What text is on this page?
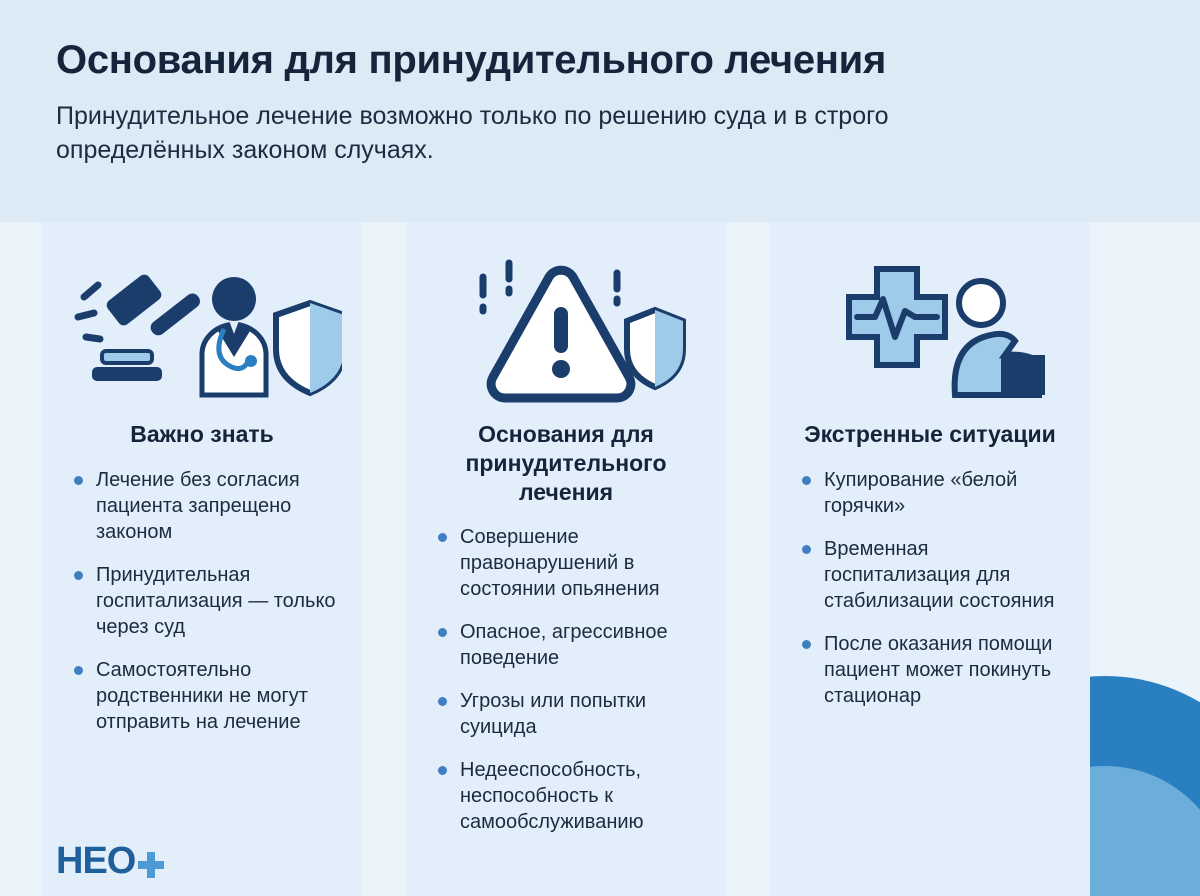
Основания для принудительного лечения
Принудительное лечение возможно только по решению суда и в строго определённых законом случаях.
Важно знать
Лечение без согласия пациента запрещено законом
Принудительная госпитализация — только через суд
Самостоятельно родственники не могут отправить на лечение
Основания для принудительного лечения
Совершение правонарушений в состоянии опьянения
Опасное, агрессивное поведение
Угрозы или попытки суицида
Недееспособность, неспособность к самообслуживанию
Экстренные ситуации
Купирование «белой горячки»
Временная госпитализация для стабилизации состояния
После оказания помощи пациент может покинуть стационар
НЕО
